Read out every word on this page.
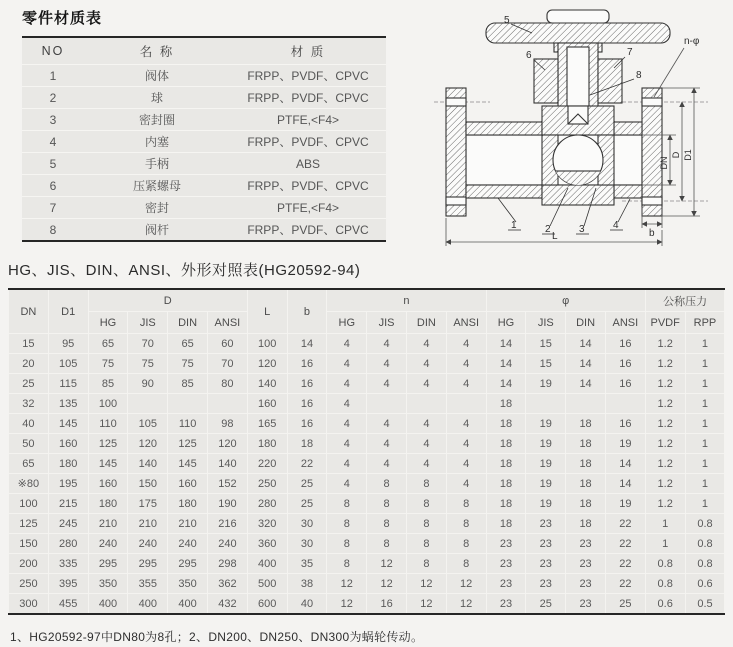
零件材质表
NO	名 称	材 质
1	阀体	FRPP、PVDF、CPVC
2	球	FRPP、PVDF、CPVC
3	密封圈	PTFE,<F4>
4	内塞	FRPP、PVDF、CPVC
5	手柄	ABS
6	压紧螺母	FRPP、PVDF、CPVC
7	密封	PTFE,<F4>
8	阀杆	FRPP、PVDF、CPVC
5
6	7
8
1	2	3	4
n-φ
DN
D D1
L	b
HG、JIS、DIN、ANSI、外形对照表(HG20592-94)
DN	D1	D				L	b	n				φ				公称压力	
		HG	JIS	DIN	ANSI			HG	JIS	DIN	ANSI	HG	JIS	DIN	ANSI	PVDF	RPP
15	95	65	70	65	60	100	14	4	4	4	4	14	15	14	16	1.2	1
20	105	75	75	75	70	120	16	4	4	4	4	14	15	14	16	1.2	1
25	115	85	90	85	80	140	16	4	4	4	4	14	19	14	16	1.2	1
32	135	100				160	16	4				18				1.2	1
40	145	110	105	110	98	165	16	4	4	4	4	18	19	18	16	1.2	1
50	160	125	120	125	120	180	18	4	4	4	4	18	19	18	19	1.2	1
65	180	145	140	145	140	220	22	4	4	4	4	18	19	18	14	1.2	1
※80	195	160	150	160	152	250	25	4	8	8	4	18	19	18	14	1.2	1
100	215	180	175	180	190	280	25	8	8	8	8	18	19	18	19	1.2	1
125	245	210	210	210	216	320	30	8	8	8	8	18	23	18	22	1	0.8
150	280	240	240	240	240	360	30	8	8	8	8	23	23	23	22	1	0.8
200	335	295	295	295	298	400	35	8	12	8	8	23	23	23	22	0.8	0.8
250	395	350	355	350	362	500	38	12	12	12	12	23	23	23	22	0.8	0.6
300	455	400	400	400	432	600	40	12	16	12	12	23	25	23	25	0.6	0.5
1、HG20592-97中DN80为8孔；2、DN200、DN250、DN300为蜗轮传动。
